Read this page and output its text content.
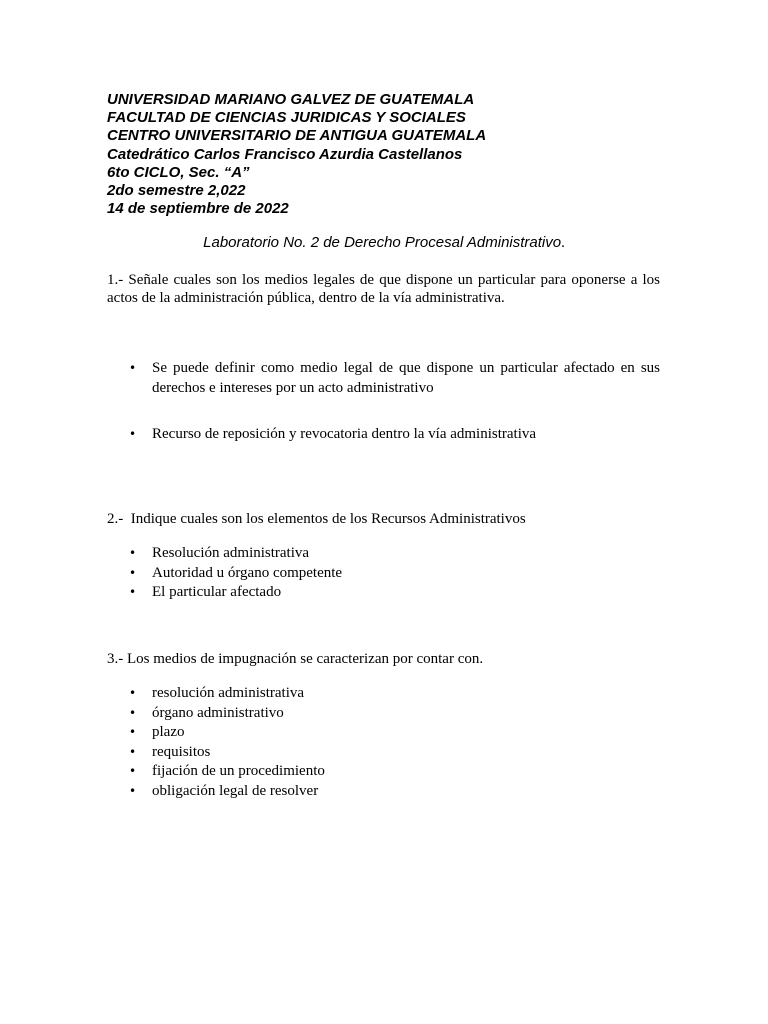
UNIVERSIDAD MARIANO GALVEZ DE GUATEMALA
FACULTAD DE CIENCIAS JURIDICAS Y SOCIALES
CENTRO UNIVERSITARIO DE ANTIGUA GUATEMALA
Catedrático Carlos Francisco Azurdia Castellanos
6to CICLO, Sec. “A”
2do semestre 2,022
14 de septiembre de 2022
Laboratorio No. 2 de Derecho Procesal Administrativo.
1.- Señale cuales son los medios legales de que dispone un particular para oponerse a los actos de la administración pública, dentro de la vía administrativa.
• Se puede definir como medio legal de que dispone un particular afectado en sus derechos e intereses por un acto administrativo
• Recurso de reposición y revocatoria dentro la vía administrativa
2.-  Indique cuales son los elementos de los Recursos Administrativos
• Resolución administrativa
• Autoridad u órgano competente
• El particular afectado
3.- Los medios de impugnación se caracterizan por contar con.
• resolución administrativa
• órgano administrativo
• plazo
• requisitos
• fijación de un procedimiento
• obligación legal de resolver
